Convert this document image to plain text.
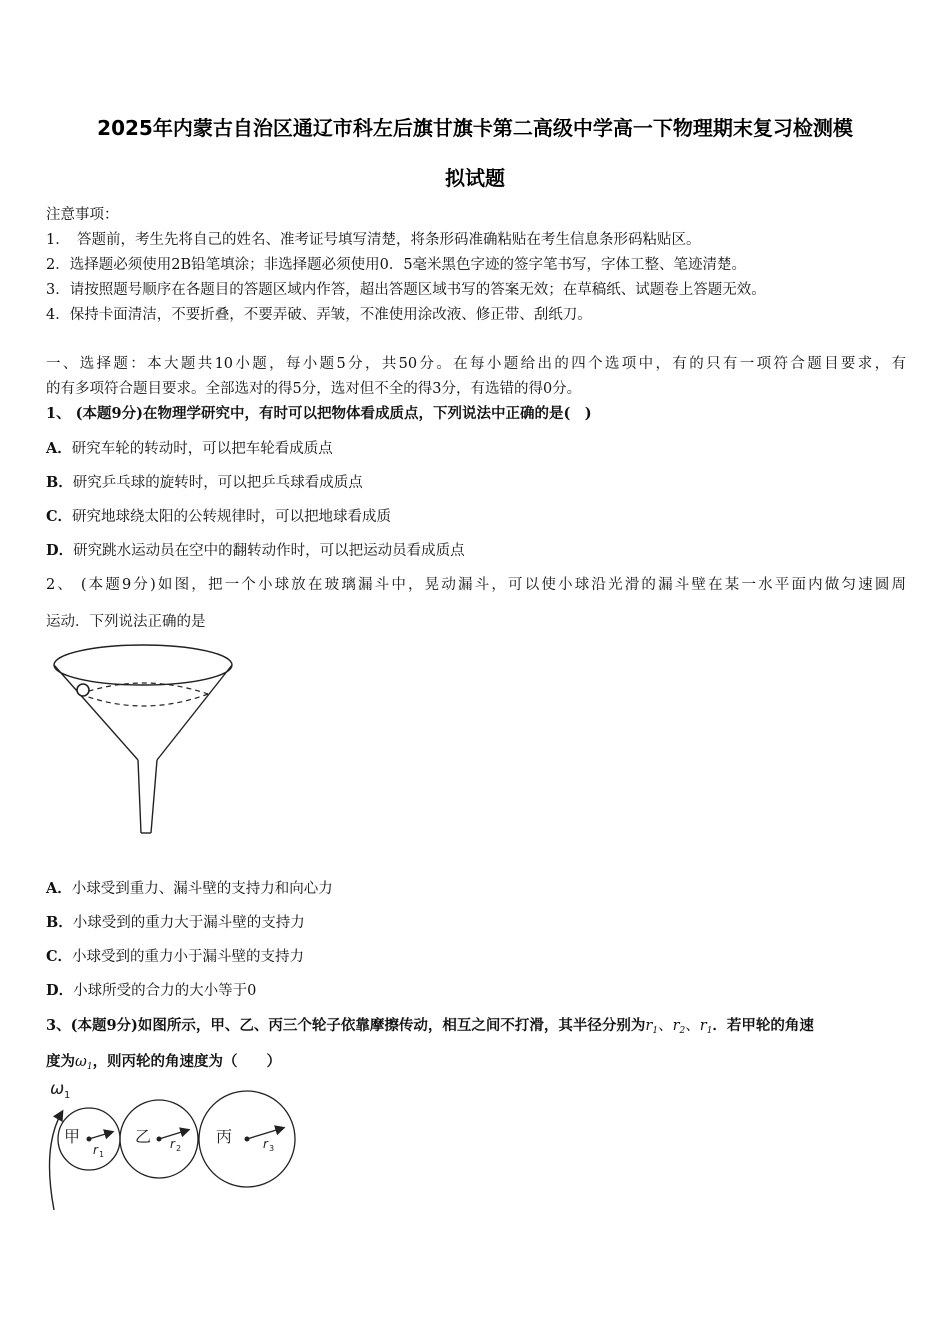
2025年内蒙古自治区通辽市科左后旗甘旗卡第二高级中学高一下物理期末复习检测模
拟试题
注意事项：
1．　答题前，考生先将自己的姓名、准考证号填写清楚，将条形码准确粘贴在考生信息条形码粘贴区。
2．选择题必须使用2B铅笔填涂；非选择题必须使用0．5毫米黑色字迹的签字笔书写，字体工整、笔迹清楚。
3．请按照题号顺序在各题目的答题区域内作答，超出答题区域书写的答案无效；在草稿纸、试题卷上答题无效。
4．保持卡面清洁，不要折叠，不要弄破、弄皱，不准使用涂改液、修正带、刮纸刀。
一、选择题：本大题共10小题，每小题5分，共50分。在每小题给出的四个选项中，有的只有一项符合题目要求，有
的有多项符合题目要求。全部选对的得5分，选对但不全的得3分，有选错的得0分。
1、 (本题9分)在物理学研究中，有时可以把物体看成质点，下列说法中正确的是(　)
A．研究车轮的转动时，可以把车轮看成质点
B．研究乒乓球的旋转时，可以把乒乓球看成质点
C．研究地球绕太阳的公转规律时，可以把地球看成质
D．研究跳水运动员在空中的翻转动作时，可以把运动员看成质点
2、 (本题9分)如图，把一个小球放在玻璃漏斗中，晃动漏斗，可以使小球沿光滑的漏斗壁在某一水平面内做匀速圆周
运动．下列说法正确的是
A．小球受到重力、漏斗壁的支持力和向心力
B．小球受到的重力大于漏斗壁的支持力
C．小球受到的重力小于漏斗壁的支持力
D．小球所受的合力的大小等于0
3、(本题9分)如图所示，甲、乙、丙三个轮子依靠摩擦传动，相互之间不打滑，其半径分别为$r_1$、$r_2$、$r_1$．若甲轮的角速
度为$\omega_1$，则丙轮的角速度为（　　）
ω 1
甲
r 1
乙 r 2
丙	r 3
